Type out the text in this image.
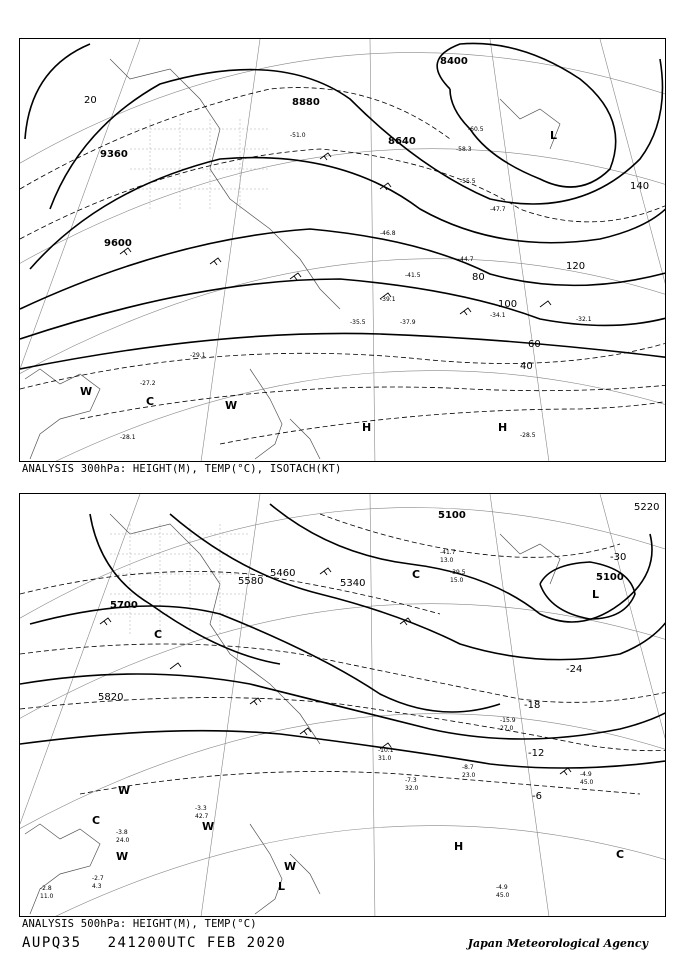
-28.5
-32.1
-34.1
-37.9
-35.5
-39.1
-41.5
-44.7
-46.8
-47.7
-51.0
-55.5
-58.3
-60.5
-29.1
-27.2
-28.1
9360
9600
8880
8640
8400
20
40
60
80
100
120
140
L
H	H
W
C	W
ANALYSIS 300hPa: HEIGHT(M), TEMP(°C), ISOTACH(KT)
-4.9
45.0
-8.7
23.0
-7.3
32.0
-10.1
31.0
-3.3
42.7
-2.7
4.3
-2.8
11.0
-3.8
24.0
-15.9
27.0
-41.7
13.0
-39.5
15.0
-4.9
45.0
5700
5820
5580
5460
5340
5100
5220
5100
-6
-12
-18
-24
-30
L
L
H
W
W
W
W
C
C
C
C
ANALYSIS 500hPa: HEIGHT(M), TEMP(°C)
AUPQ35 241200UTC FEB 2020	Japan Meteorological Agency
